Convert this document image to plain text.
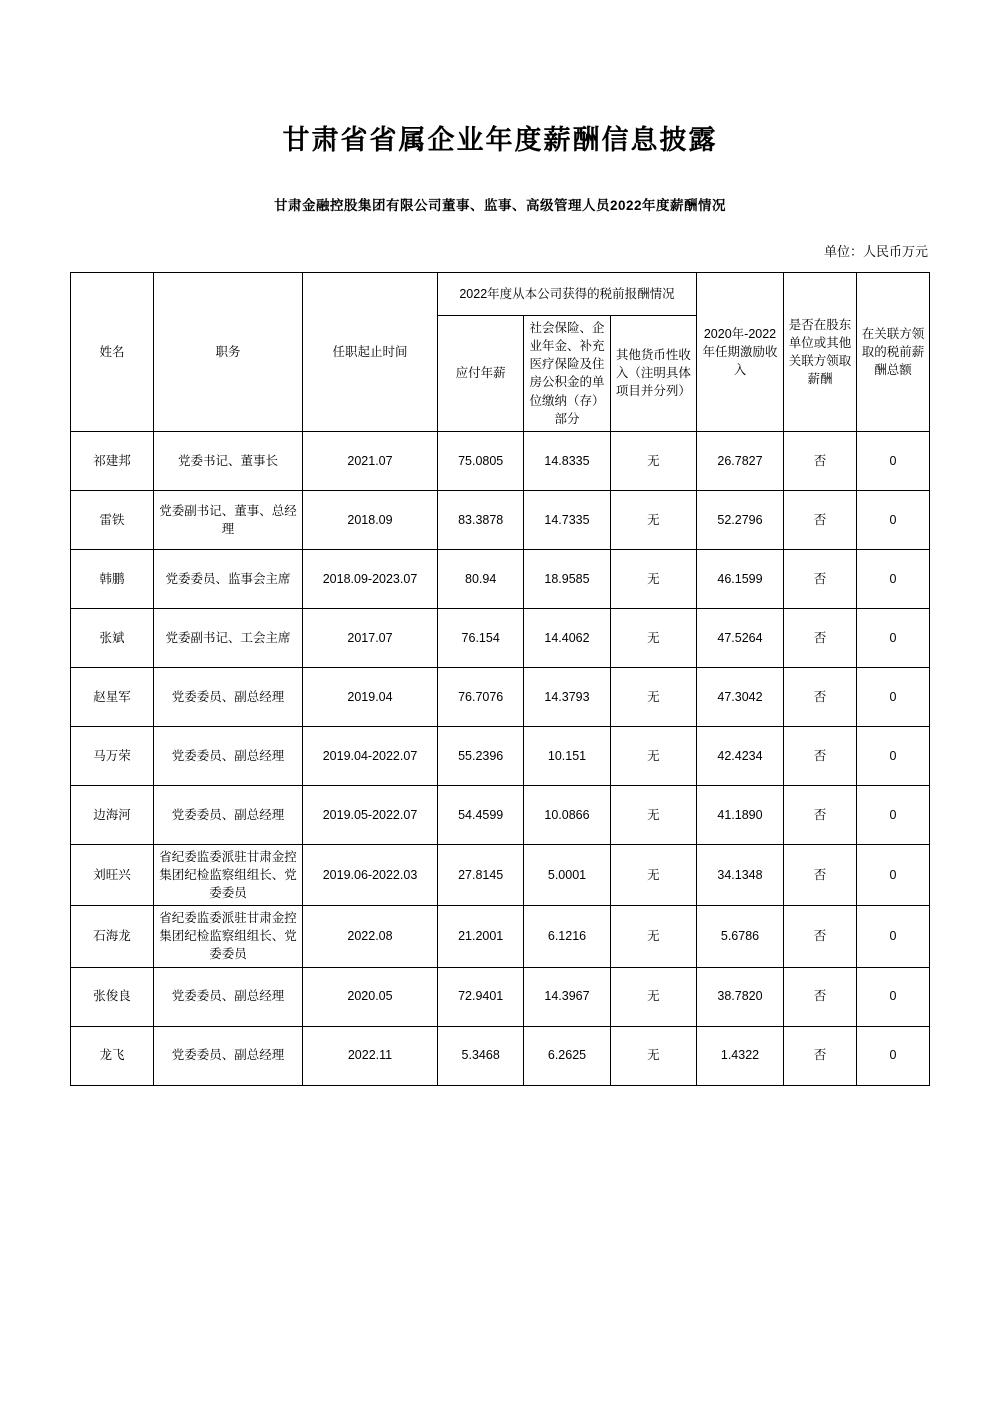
甘肃省省属企业年度薪酬信息披露
甘肃金融控股集团有限公司董事、监事、高级管理人员2022年度薪酬情况
单位：人民币万元
姓名	职务	任职起止时间	2022年度从本公司获得的税前报酬情况			2020年-2022年任期激励收入	是否在股东单位或其他关联方领取薪酬	在关联方领取的税前薪酬总额
			应付年薪	社会保险、企业年金、补充医疗保险及住房公积金的单位缴纳（存）部分	其他货币性收入（注明具体项目并分列）			
祁建邦	党委书记、董事长	2021.07	75.0805	14.8335	无	26.7827	否	0
雷铁	党委副书记、董事、总经理	2018.09	83.3878	14.7335	无	52.2796	否	0
韩鹏	党委委员、监事会主席	2018.09-2023.07	80.94	18.9585	无	46.1599	否	0
张斌	党委副书记、工会主席	2017.07	76.154	14.4062	无	47.5264	否	0
赵星军	党委委员、副总经理	2019.04	76.7076	14.3793	无	47.3042	否	0
马万荣	党委委员、副总经理	2019.04-2022.07	55.2396	10.151	无	42.4234	否	0
边海河	党委委员、副总经理	2019.05-2022.07	54.4599	10.0866	无	41.1890	否	0
刘旺兴	省纪委监委派驻甘肃金控集团纪检监察组组长、党委委员	2019.06-2022.03	27.8145	5.0001	无	34.1348	否	0
石海龙	省纪委监委派驻甘肃金控集团纪检监察组组长、党委委员	2022.08	21.2001	6.1216	无	5.6786	否	0
张俊良	党委委员、副总经理	2020.05	72.9401	14.3967	无	38.7820	否	0
龙飞	党委委员、副总经理	2022.11	5.3468	6.2625	无	1.4322	否	0
